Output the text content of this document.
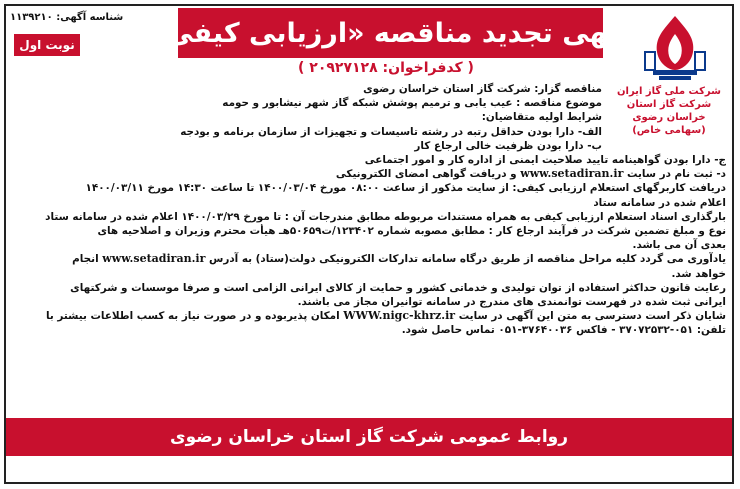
شناسه آگهی: ۱۱۳۹۲۱۰
نوبت اول	آگهی تجدید مناقصه «ارزیابی کیفی»
( کدفراخوان: ۲۰۹۲۷۱۲۸ )
شرکت ملی گاز ایران
شرکت گاز استان خراسان رضوی
(سهامی خاص)
مناقصه گزار: شرکت گاز استان خراسان رضوی
موضوع مناقصه : عیب یابی و ترمیم پوشش شبکه گاز شهر نیشابور و حومه
شرایط اولیه متقاضیان:
الف- دارا بودن حداقل رتبه در رشته تاسیسات و تجهیزات از سازمان برنامه و بودجه
ب- دارا بودن ظرفیت خالی ارجاع کار
ج- دارا بودن گواهینامه تایید صلاحیت ایمنی از اداره کار و امور اجتماعی
د- ثبت نام در سایت www.setadiran.ir و دریافت گواهی امضای الکترونیکی
دریافت کاربرگهای استعلام ارزیابی کیفی: از سایت مذکور از ساعت ۰۸:۰۰ مورخ ۱۴۰۰/۰۳/۰۴ تا ساعت ۱۴:۳۰ مورخ ۱۴۰۰/۰۳/۱۱
اعلام شده در سامانه ستاد
بارگذاری اسناد استعلام ارزیابی کیفی به همراه مستندات مربوطه مطابق مندرجات آن : تا مورخ ۱۴۰۰/۰۳/۲۹ اعلام شده در سامانه ستاد
نوع و مبلغ تضمین شرکت در فرآیند ارجاع کار : مطابق مصوبه شماره ۱۲۳۴۰۲/ت۵۰۶۵۹هـ هیأت محترم وزیران و اصلاحیه های
بعدی آن می باشد.
یادآوری می گردد کلیه مراحل مناقصه از طریق درگاه سامانه تدارکات الکترونیکی دولت(ستاد) به آدرس www.setadiran.ir انجام
خواهد شد.
رعایت قانون حداکثر استفاده از توان تولیدی و خدماتی کشور و حمایت از کالای ایرانی الزامی است و صرفا موسسات و شرکتهای
ایرانی ثبت شده در فهرست توانمندی های مندرج در سامانه توانیران مجاز می باشند.
شایان ذکر است دسترسی به متن این آگهی در سایت WWW.nigc-khrz.ir امکان پذیربوده و در صورت نیاز به کسب اطلاعات بیشتر با
تلفن: ۰۵۱-۳۷۰۷۲۵۳۲ - فاکس ۳۷۶۴۰۰۳۶-۰۵۱ تماس حاصل شود.
روابط عمومی شرکت گاز استان خراسان رضوی
